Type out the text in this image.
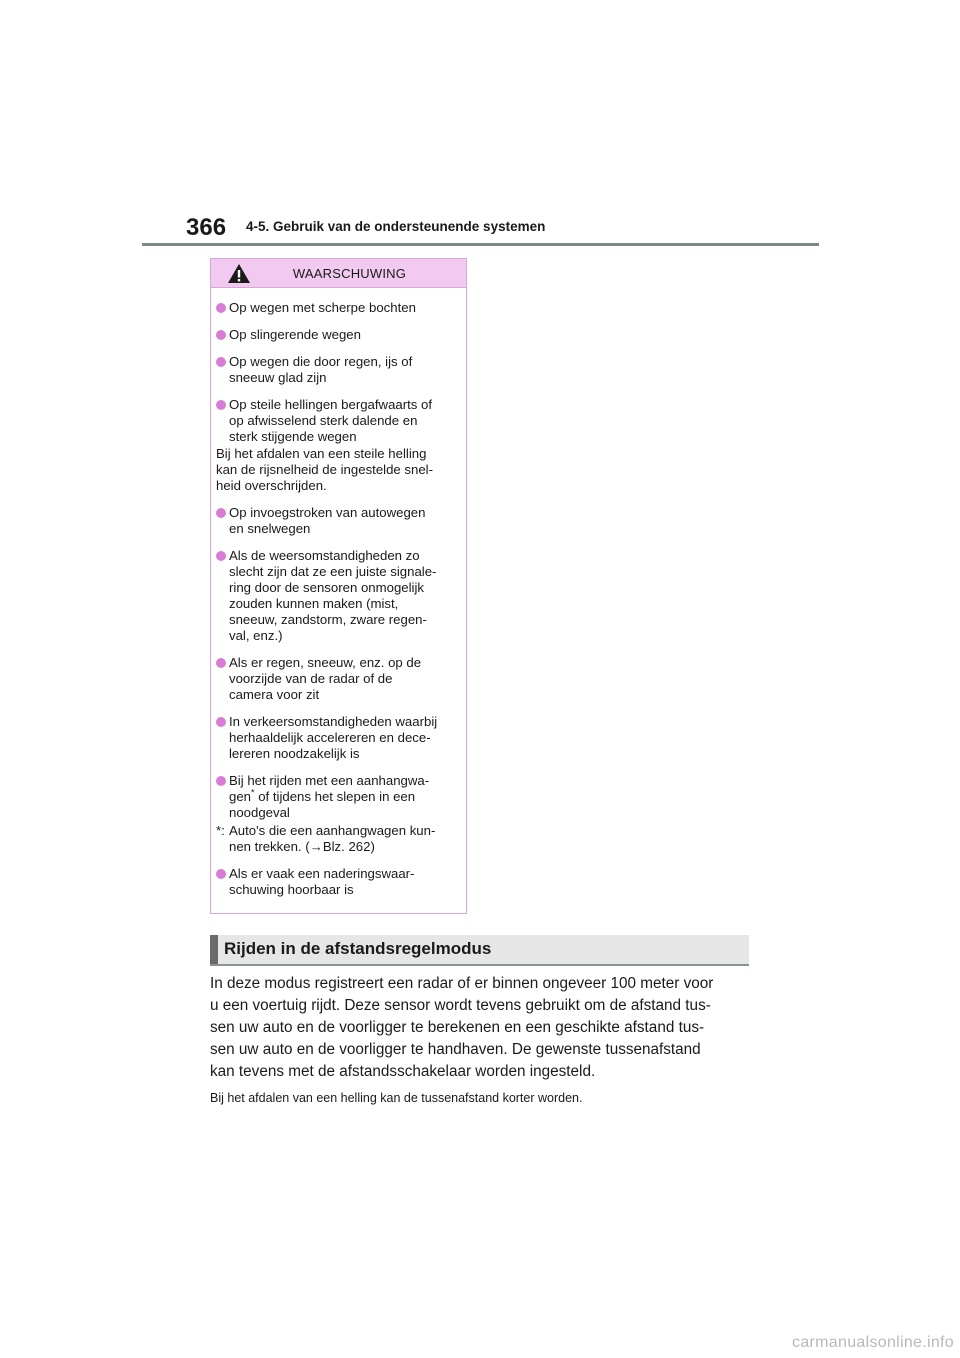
366 4-5. Gebruik van de ondersteunende systemen
WAARSCHUWING
Op wegen met scherpe bochten
Op slingerende wegen
Op wegen die door regen, ijs of
sneeuw glad zijn
Op steile hellingen bergafwaarts of
op afwisselend sterk dalende en
sterk stijgende wegen
Bij het afdalen van een steile helling
kan de rijsnelheid de ingestelde snel-
heid overschrijden.
Op invoegstroken van autowegen
en snelwegen
Als de weersomstandigheden zo
slecht zijn dat ze een juiste signale-
ring door de sensoren onmogelijk
zouden kunnen maken (mist,
sneeuw, zandstorm, zware regen-
val, enz.)
Als er regen, sneeuw, enz. op de
voorzijde van de radar of de
camera voor zit
In verkeersomstandigheden waarbij
herhaaldelijk accelereren en dece-
lereren noodzakelijk is
Bij het rijden met een aanhangwa-
gen* of tijdens het slepen in een
noodgeval
*: Auto's die een aanhangwagen kun-
nen trekken. (→Blz. 262)
Als er vaak een naderingswaar-
schuwing hoorbaar is
Rijden in de afstandsregelmodus
In deze modus registreert een radar of er binnen ongeveer 100 meter voor
u een voertuig rijdt. Deze sensor wordt tevens gebruikt om de afstand tus-
sen uw auto en de voorligger te berekenen en een geschikte afstand tus-
sen uw auto en de voorligger te handhaven. De gewenste tussenafstand
kan tevens met de afstandsschakelaar worden ingesteld.
Bij het afdalen van een helling kan de tussenafstand korter worden.
carmanualsonline.info
